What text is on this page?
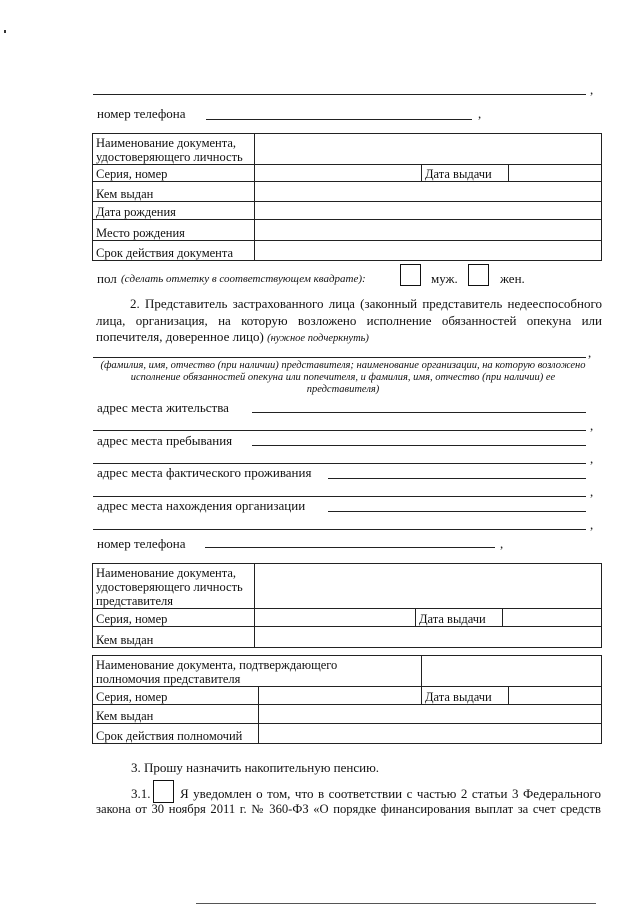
,
номер телефона	,
Наименование документа,
удостоверяющего личность			

Серия, номер		Дата выдачи	
Кем выдан			
Дата рождения			
Место рождения			
Срок действия документа			
пол (сделать отметку в соответствующем квадрате):	муж.	жен.
2. Представитель застрахованного лица (законный представитель недееспособного лица, организация, на которую возложено исполнение обязанностей опекуна или попечителя, доверенное лицо) (нужное подчеркнуть)
,
(фамилия, имя, отчество (при наличии) представителя; наименование организации, на которую возложено исполнение обязанностей опекуна или попечителя, и фамилия, имя, отчество (при наличии) ее представителя)
адрес места жительства
,
адрес места пребывания
,
адрес места фактического проживания
,
адрес места нахождения организации
,
номер телефона	,
Наименование документа,
удостоверяющего личность
представителя			

Серия, номер		Дата выдачи	
Кем выдан			
Наименование документа, подтверждающего
полномочия представителя			

Серия, номер		Дата выдачи	
Кем выдан			
Срок действия полномочий			
3. Прошу назначить накопительную пенсию.
3.1. Я уведомлен о том, что в соответствии с частью 2 статьи 3 Федерального
закона от 30 ноября 2011 г. № 360-ФЗ «О порядке финансирования выплат за счет средств
